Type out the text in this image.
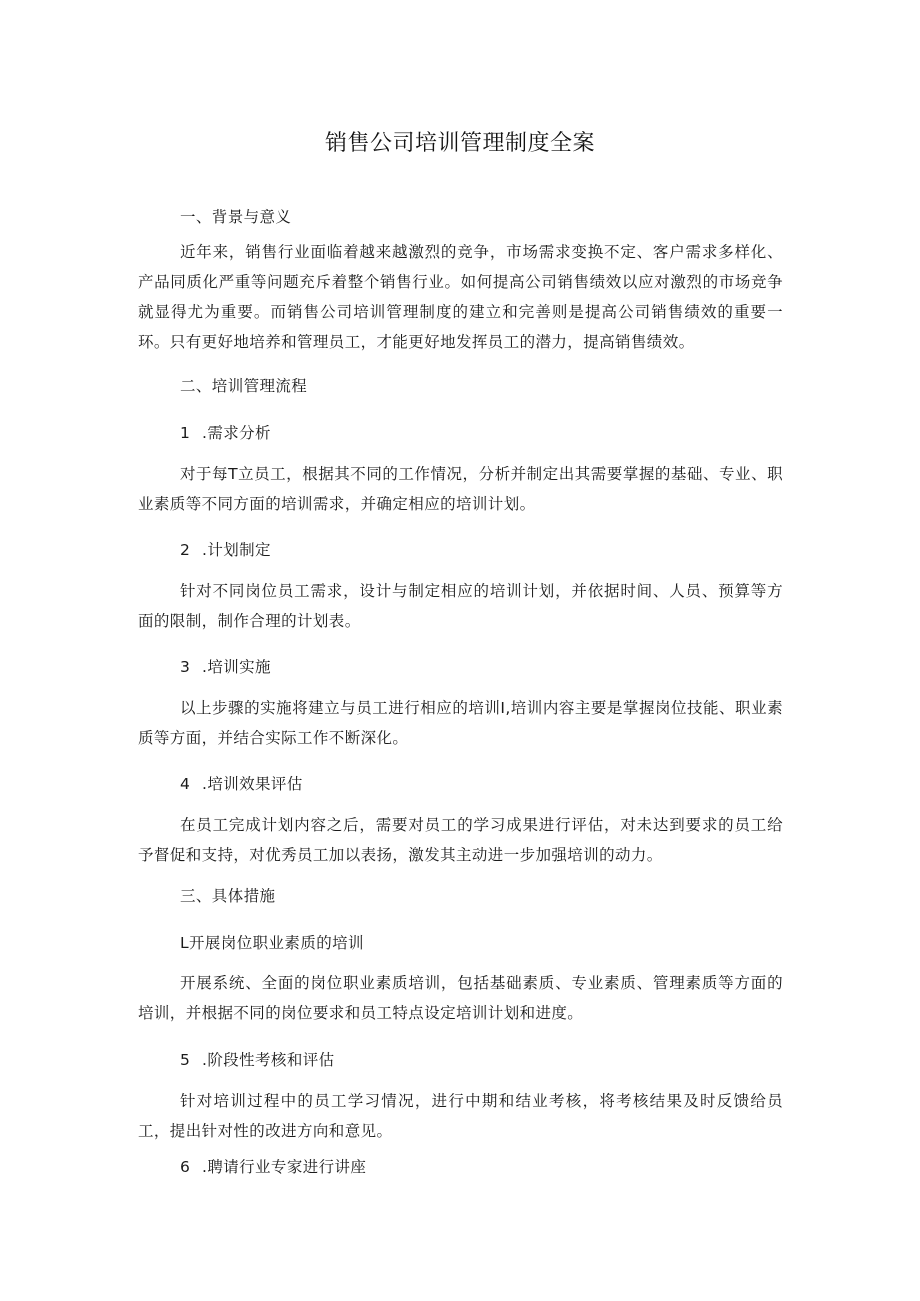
销售公司培训管理制度全案
一、背景与意义

近年来，销售行业面临着越来越激烈的竞争，市场需求变换不定、客户需求多样化、产品同质化严重等问题充斥着整个销售行业。如何提高公司销售绩效以应对激烈的市场竞争就显得尤为重要。而销售公司培训管理制度的建立和完善则是提高公司销售绩效的重要一环。只有更好地培养和管理员工，才能更好地发挥员工的潜力，提高销售绩效。

二、培训管理流程
1 .需求分析

对于每T立员工，根据其不同的工作情况，分析并制定出其需要掌握的基础、专业、职业素质等不同方面的培训需求，并确定相应的培训计划。

2 .计划制定

针对不同岗位员工需求，设计与制定相应的培训计划，并依据时间、人员、预算等方面的限制，制作合理的计划表。

3 .培训实施

以上步骤的实施将建立与员工进行相应的培训I,培训内容主要是掌握岗位技能、职业素质等方面，并结合实际工作不断深化。

4 .培训效果评估

在员工完成计划内容之后，需要对员工的学习成果进行评估，对未达到要求的员工给予督促和支持，对优秀员工加以表扬，激发其主动进一步加强培训的动力。

三、具体措施
L开展岗位职业素质的培训

开展系统、全面的岗位职业素质培训，包括基础素质、专业素质、管理素质等方面的培训，并根据不同的岗位要求和员工特点设定培训计划和进度。

5 .阶段性考核和评估

针对培训过程中的员工学习情况，进行中期和结业考核，将考核结果及时反馈给员工，提出针对性的改进方向和意见。

6 .聘请行业专家进行讲座
